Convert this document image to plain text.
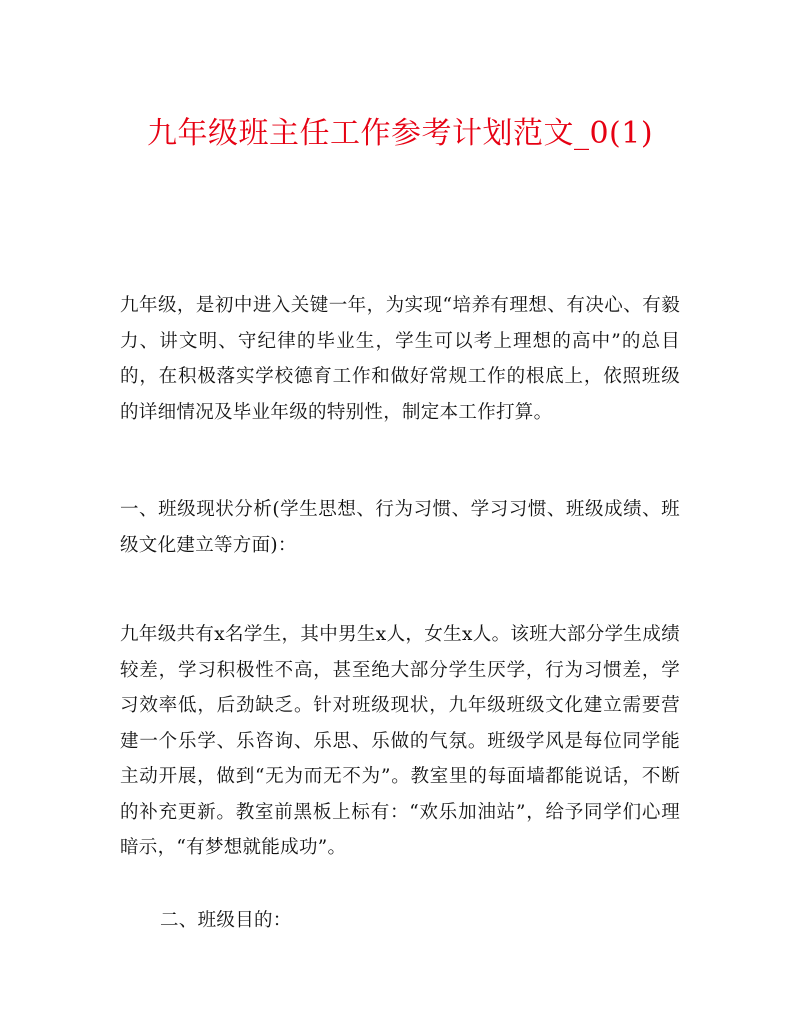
九年级班主任工作参考计划范文_0(1)

九年级，是初中进入关键一年，为实现“培养有理想、有决心、有毅力、讲文明、守纪律的毕业生，学生可以考上理想的高中”的总目的，在积极落实学校德育工作和做好常规工作的根底上，依照班级的详细情况及毕业年级的特别性，制定本工作打算。

一、班级现状分析(学生思想、行为习惯、学习习惯、班级成绩、班级文化建立等方面)：

九年级共有x名学生，其中男生x人，女生x人。该班大部分学生成绩较差，学习积极性不高，甚至绝大部分学生厌学，行为习惯差，学习效率低，后劲缺乏。针对班级现状，九年级班级文化建立需要营建一个乐学、乐咨询、乐思、乐做的气氛。班级学风是每位同学能主动开展，做到“无为而无不为”。教室里的每面墙都能说话，不断的补充更新。教室前黑板上标有：“欢乐加油站”，给予同学们心理暗示，“有梦想就能成功”。

二、班级目的：
